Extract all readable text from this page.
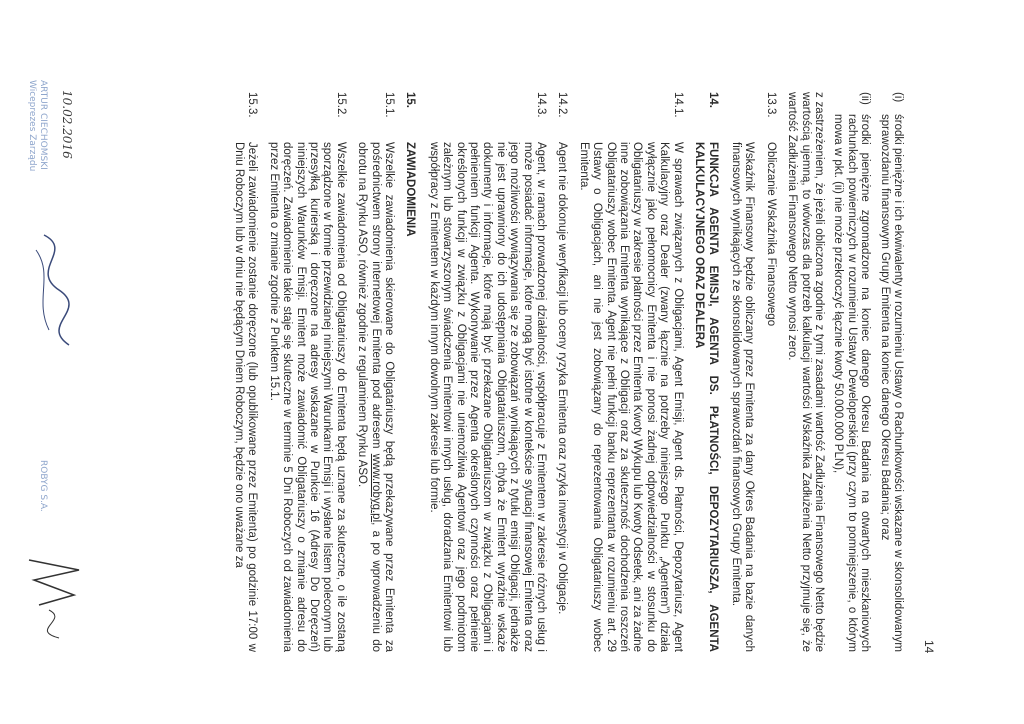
14
(i)
środki pieniężne i ich ekwiwalenty w rozumieniu Ustawy o Rachunkowości wskazane w skonsolidowanym sprawozdaniu finansowym Grupy Emitenta na koniec danego Okresu Badania; oraz
(ii)
środki pieniężne zgromadzone na koniec danego Okresu Badania na otwartych mieszkaniowych rachunkach powierniczych w rozumieniu Ustawy Deweloperskiej (przy czym to pomniejszenie, o którym mowa w pkt. (ii) nie może przekroczyć łącznie kwoty 50.000.000 PLN),
z zastrzeżeniem, że jeżeli obliczona zgodnie z tymi zasadami wartość Zadłużenia Finansowego Netto będzie wartością ujemną, to wówczas dla potrzeb kalkulacji wartości Wskaźnika Zadłużenia Netto przyjmuje się, że wartość Zadłużenia Finansowego Netto wynosi zero.
13.3.
Obliczanie Wskaźnika Finansowego
Wskaźnik Finansowy będzie obliczany przez Emitenta za dany Okres Badania na bazie danych finansowych wynikających ze skonsolidowanych sprawozdań finansowych Grupy Emitenta.
14.
FUNKCJA AGENTA EMISJI, AGENTA DS. PŁATNOŚCI, DEPOZYTARIUSZA, AGENTA KALKULACYJNEGO ORAZ DEALERA
14.1.
W sprawach związanych z Obligacjami, Agent Emisji, Agent ds. Płatności, Depozytariusz, Agent Kalkulacyjny oraz Dealer (zwany łącznie na potrzeby niniejszego Punktu „Agentem”) działa wyłącznie jako pełnomocnicy Emitenta i nie ponosi żadnej odpowiedzialności w stosunku do Obligatariuszy w zakresie płatności przez Emitenta Kwoty Wykupu lub Kwoty Odsetek, ani za żadne inne zobowiązania Emitenta wynikające z Obligacji oraz za skuteczność dochodzenia roszczeń Obligatariuszy wobec Emitenta. Agent nie pełni funkcji banku reprezentanta w rozumieniu art. 29 Ustawy o Obligacjach, ani nie jest zobowiązany do reprezentowania Obligatariuszy wobec Emitenta.
14.2.
Agent nie dokonuje weryfikacji lub oceny ryzyka Emitenta oraz ryzyka inwestycji w Obligacje.
14.3.
Agent, w ramach prowadzonej działalności, współpracuje z Emitentem w zakresie różnych usług i może posiadać informacje, które mogą być istotne w kontekście sytuacji finansowej Emitenta oraz jego możliwości wywiązywania się ze zobowiązań wynikających z tytułu emisji Obligacji, jednakże nie jest uprawniony do ich udostępniania Obligatariuszom, chyba że Emitent wyraźnie wskaże dokumenty i informacje, które mają być przekazane Obligatariuszom w związku z Obligacjami i pełnieniem funkcji Agenta. Wykonywanie przez Agenta określonych czynności oraz pełnienie określonych funkcji w związku z Obligacjami nie uniemożliwia Agentowi oraz jego podmiotom zależnym lub stowarzyszonym świadczenia Emitentowi innych usług, doradzania Emitentowi lub współpracy z Emitentem w każdym innym dowolnym zakresie lub formie.
15.
ZAWIADOMIENIA
15.1.
Wszelkie zawiadomienia skierowane do Obligatariuszy będą przekazywane przez Emitenta za pośrednictwem strony internetowej Emitenta pod adresem www.robyg.pl, a po wprowadzeniu do obrotu na Rynku ASO, również zgodnie z regulaminem Rynku ASO.
15.2.
Wszelkie zawiadomienia od Obligatariuszy do Emitenta będą uznane za skuteczne, o ile zostaną sporządzone w formie przewidzianej niniejszymi Warunkami Emisji i wysłane listem poleconym lub przesyłką kurierską i doręczone na adresy wskazane w Punkcie 16 (Adresy Do Doręczeń) niniejszych Warunków Emisji. Emitent może zawiadomić Obligatariuszy o zmianie adresu do doręczeń. Zawiadomienie takie staje się skuteczne w terminie 5 Dni Roboczych od zawiadomienia przez Emitenta o zmianie zgodnie z Punktem 15.1.
15.3.
Jeżeli zawiadomienie zostanie doręczone (lub opublikowane przez Emitenta) po godzinie 17:00 w Dniu Roboczym lub w dniu nie będącym Dniem Roboczym, będzie ono uważane za
ARTUR CIECHOMSKI Wiceprezes Zarządu	10.02.2016
ROBYG S.A.
